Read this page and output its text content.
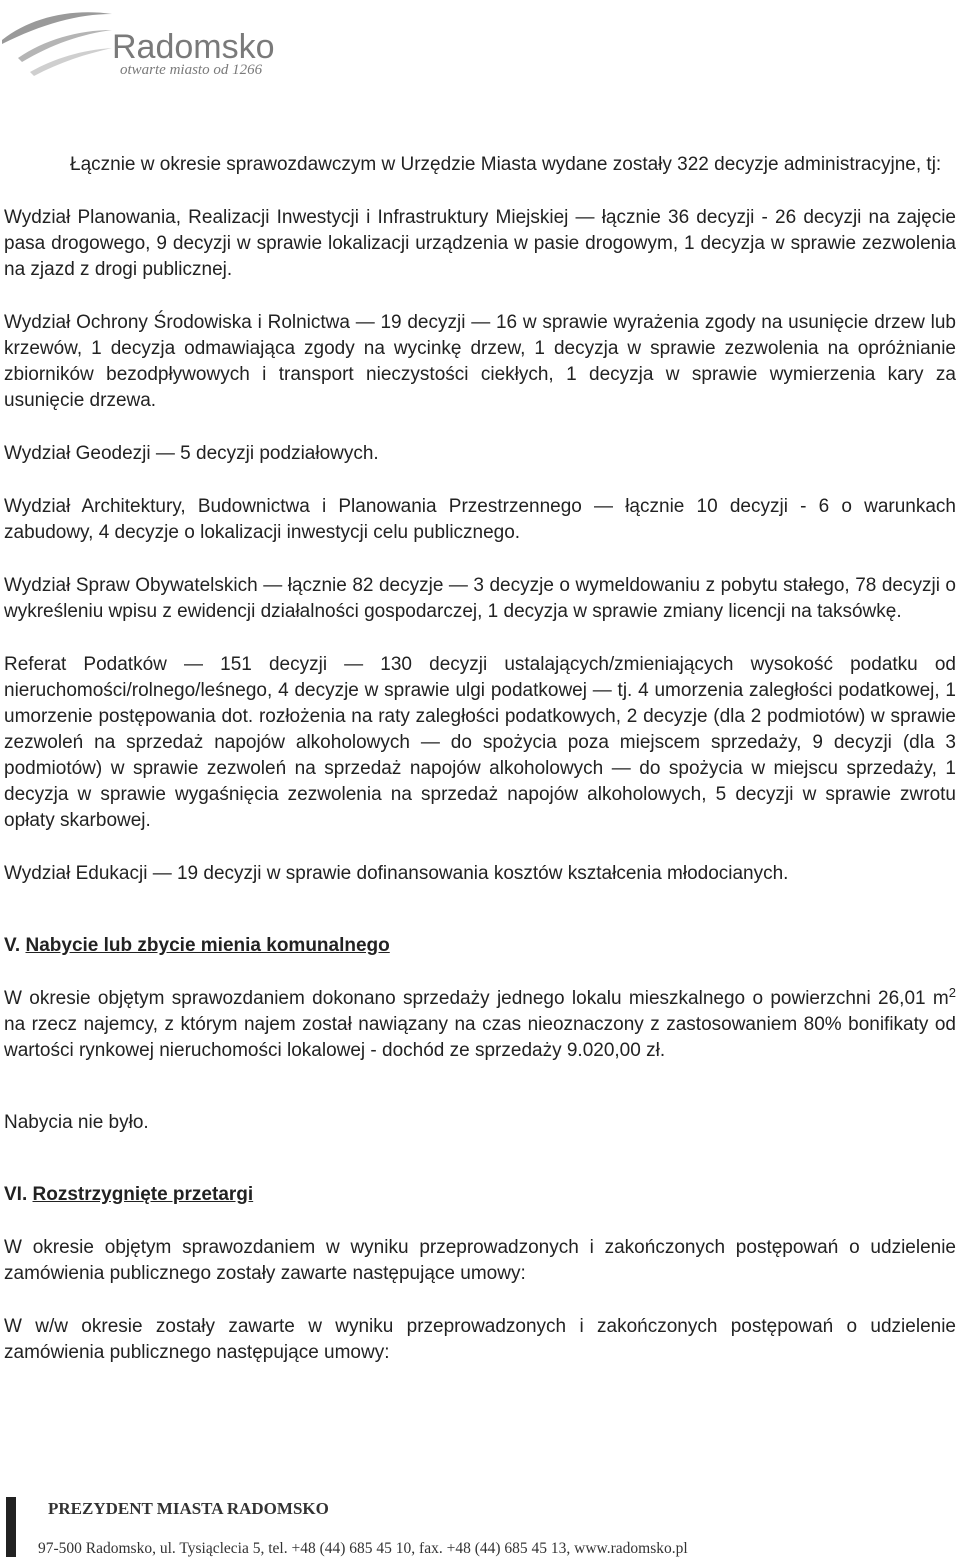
Radomsko
otwarte miasto od 1266

Łącznie w okresie sprawozdawczym w Urzędzie Miasta wydane zostały 322 decyzje administracyjne, tj:

Wydział Planowania, Realizacji Inwestycji i Infrastruktury Miejskiej — łącznie 36 decyzji - 26 decyzji na zajęcie pasa drogowego, 9 decyzji w sprawie lokalizacji urządzenia w pasie drogowym, 1 decyzja w sprawie zezwolenia na zjazd z drogi publicznej.

Wydział Ochrony Środowiska i Rolnictwa — 19 decyzji — 16 w sprawie wyrażenia zgody na usunięcie drzew lub krzewów, 1 decyzja odmawiająca zgody na wycinkę drzew, 1 decyzja w sprawie zezwolenia na opróżnianie zbiorników bezodpływowych i transport nieczystości ciekłych, 1 decyzja w sprawie wymierzenia kary za usunięcie drzewa.

Wydział Geodezji — 5 decyzji podziałowych.

Wydział Architektury, Budownictwa i Planowania Przestrzennego — łącznie 10 decyzji - 6 o warunkach zabudowy, 4 decyzje o lokalizacji inwestycji celu publicznego.

Wydział Spraw Obywatelskich — łącznie 82 decyzje — 3 decyzje o wymeldowaniu z pobytu stałego, 78 decyzji o wykreśleniu wpisu z ewidencji działalności gospodarczej, 1 decyzja w sprawie zmiany licencji na taksówkę.

Referat Podatków — 151 decyzji — 130 decyzji ustalających/zmieniających wysokość podatku od nieruchomości/rolnego/leśnego, 4 decyzje w sprawie ulgi podatkowej — tj. 4 umorzenia zaległości podatkowej, 1 umorzenie postępowania dot. rozłożenia na raty zaległości podatkowych, 2 decyzje (dla 2 podmiotów) w sprawie zezwoleń na sprzedaż napojów alkoholowych — do spożycia poza miejscem sprzedaży, 9 decyzji (dla 3 podmiotów) w sprawie zezwoleń na sprzedaż napojów alkoholowych — do spożycia w miejscu sprzedaży, 1 decyzja w sprawie wygaśnięcia zezwolenia na sprzedaż napojów alkoholowych, 5 decyzji w sprawie zwrotu opłaty skarbowej.

Wydział Edukacji — 19 decyzji w sprawie dofinansowania kosztów kształcenia młodocianych.

V. Nabycie lub zbycie mienia komunalnego

W okresie objętym sprawozdaniem dokonano sprzedaży jednego lokalu mieszkalnego o powierzchni 26,01 $m^2$ na rzecz najemcy, z którym najem został nawiązany na czas nieoznaczony z zastosowaniem 80% bonifikaty od wartości rynkowej nieruchomości lokalowej - dochód ze sprzedaży 9.020,00 zł.

Nabycia nie było.

VI. Rozstrzygnięte przetargi

W okresie objętym sprawozdaniem w wyniku przeprowadzonych i zakończonych postępowań o udzielenie zamówienia publicznego zostały zawarte następujące umowy:

W w/w okresie zostały zawarte w wyniku przeprowadzonych i zakończonych postępowań o udzielenie zamówienia publicznego następujące umowy:

PREZYDENT MIASTA RADOMSKO
97-500 Radomsko, ul. Tysiąclecia 5, tel. +48 (44) 685 45 10, fax. +48 (44) 685 45 13, www.radomsko.pl
